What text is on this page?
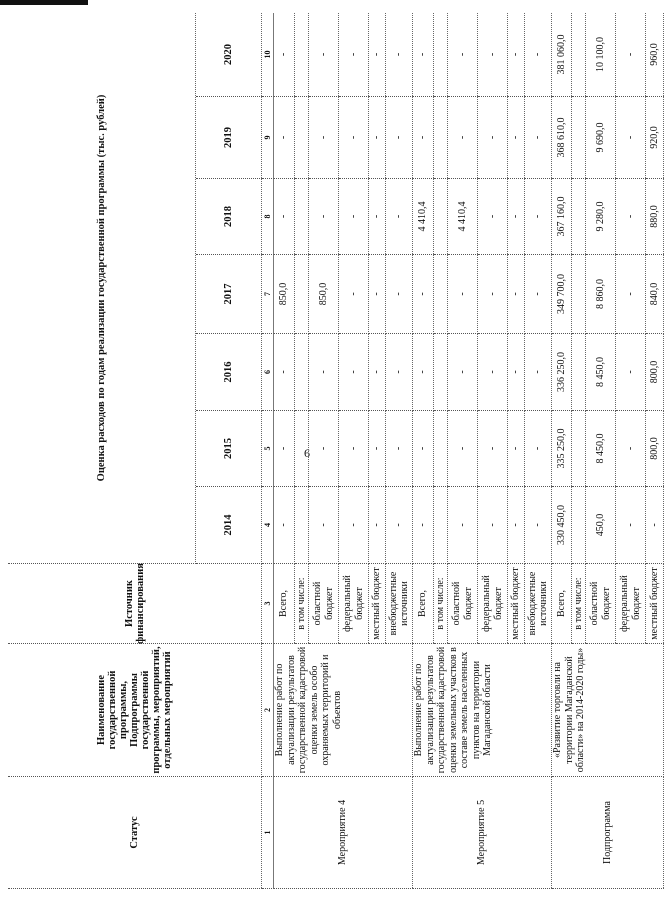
6
Статус
Наименование государственной программы, Подпрограммы государственной программы, мероприятий, отдельных мероприятий
Источник финансирования
Оценка расходов по годам реализации государственной программы (тыс. рублей)
2014
2015
2016
2017
2018
2019
2020
1
2
3
4
5
6
7
8
9
10
Мероприятие 4
Выполнение работ по актуализации результатов государственной кадастровой оценки земель особо охраняемых территорий и объектов
Всего,
-
-
-
850,0
-
-
-
в том числе: областной бюджет
-
-
-
850,0
-
-
-
федеральный бюджет
-
-
-
-
-
-
-
местный бюджет
-
-
-
-
-
-
-
внебюджетные источники
-
-
-
-
-
-
-
Мероприятие 5
Выполнение работ по актуализации результатов государственной кадастровой оценки земельных участков в составе земель населенных пунктов на территории Магаданской области
Всего,
-
-
-
-
4 410,4
-
-
в том числе: областной бюджет
-
-
-
-
4 410,4
-
-
федеральный бюджет
-
-
-
-
-
-
-
местный бюджет
-
-
-
-
-
-
-
внебюджетные источники
-
-
-
-
-
-
-
Подпрограмма
«Развитие торговли на территории Магаданской области» на 2014-2020 годы»
Всего,
330 450,0
335 250,0
336 250,0
349 700,0
367 160,0
368 610,0
381 060,0
в том числе: областной бюджет
450,0
8 450,0
8 450,0
8 860,0
9 280,0
9 690,0
10 100,0
федеральный бюджет
-
-
-
-
-
-
-
местный бюджет
-
800,0
800,0
840,0
880,0
920,0
960,0
